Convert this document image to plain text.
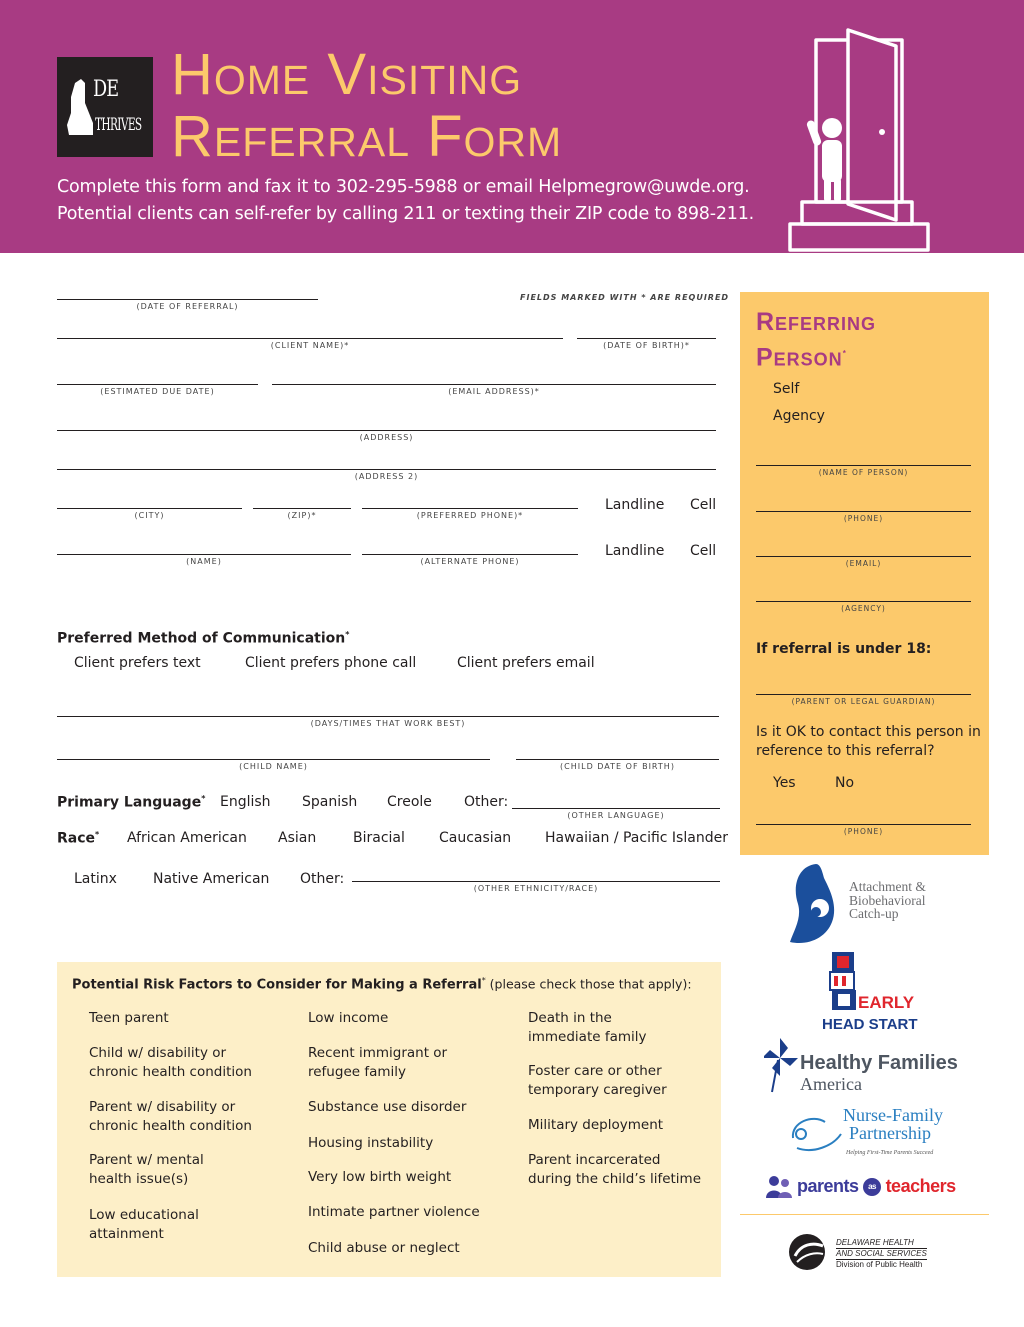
DE
THRIVES
Home Visiting
Referral Form
Complete this form and fax it to 302-295-5988 or email Helpmegrow@uwde.org.
Potential clients can self-refer by calling 211 or texting their ZIP code to 898-211.
FIELDS MARKED WITH * ARE REQUIRED
(DATE OF REFERRAL)
(CLIENT NAME)*	(DATE OF BIRTH)*
(ESTIMATED DUE DATE)	(EMAIL ADDRESS)*
(ADDRESS)
(ADDRESS 2)
(CITY)	(ZIP)*	(PREFERRED PHONE)*
Landline Cell
(NAME)	(ALTERNATE PHONE)
Landline Cell
Preferred Method of Communication*
Client prefers text	Client prefers phone call	Client prefers email
(DAYS/TIMES THAT WORK BEST)
(CHILD NAME)	(CHILD DATE OF BIRTH)
Primary Language* English Spanish Creole Other:
(OTHER LANGUAGE)
Race* African American Asian	Biracial Caucasian Hawaiian / Pacific Islander
Latinx	Native American Other:
(OTHER ETHNICITY/RACE)
Referring
Person*
Self
Agency
(NAME OF PERSON)
(PHONE)
(EMAIL)
(AGENCY)
If referral is under 18:
(PARENT OR LEGAL GUARDIAN)
Is it OK to contact this person in reference to this referral?
Yes	No
(PHONE)
Potential Risk Factors to Consider for Making a Referral* (please check those that apply):
Teen parent
Child w/ disability or chronic health condition
Parent w/ disability or chronic health condition
Parent w/ mental health issue(s)
Low educational attainment
Low income
Recent immigrant or refugee family
Substance use disorder
Housing instability
Very low birth weight
Intimate partner violence
Child abuse or neglect
Death in the immediate family
Foster care or other temporary caregiver
Military deployment
Parent incarcerated during the child’s lifetime
Attachment &
Biobehavioral
Catch-up
EARLY
HEAD START
Healthy Families
America
Nurse-Family
Partnership
Helping First-Time Parents Succeed
parents as teachers
DELAWARE HEALTH
AND SOCIAL SERVICES
Division of Public Health
